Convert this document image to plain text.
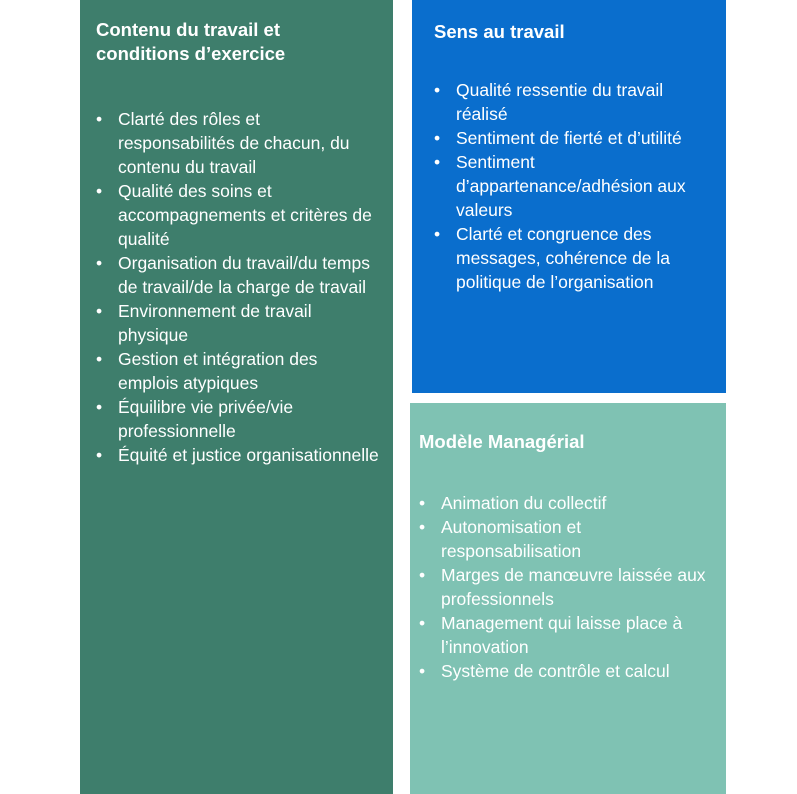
Contenu du travail et
conditions d’exercice
• Clarté des rôles et responsabilités de chacun, du contenu du travail
• Qualité des soins et accompagnements et critères de qualité
• Organisation du travail/du temps de travail/de la charge de travail
• Environnement de travail physique
• Gestion et intégration des emplois atypiques
• Équilibre vie privée/vie professionnelle
• Équité et justice organisationnelle
Sens au travail
• Qualité ressentie du travail réalisé
• Sentiment de fierté et d’utilité
• Sentiment d’appartenance/adhésion aux valeurs
• Clarté et congruence des messages, cohérence de la politique de l’organisation
Modèle Managérial
• Animation du collectif
• Autonomisation et responsabilisation
• Marges de manœuvre laissée aux professionnels
• Management qui laisse place à l’innovation
• Système de contrôle et calcul
